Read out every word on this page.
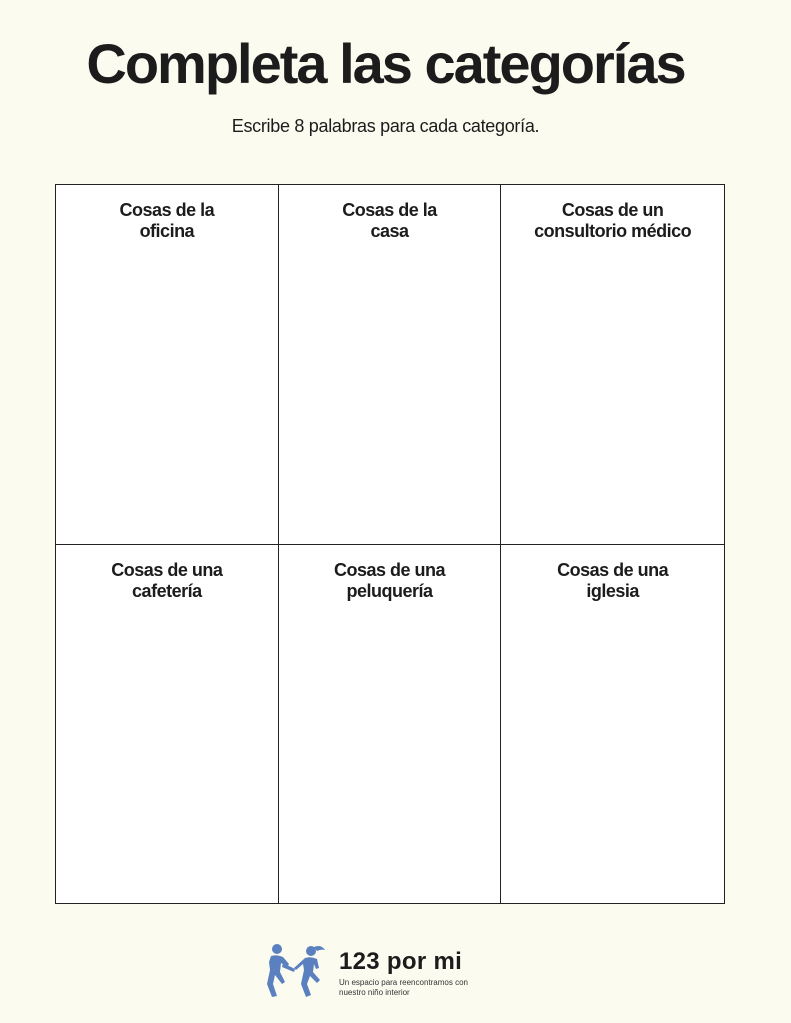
Completa las categorías

Escribe 8 palabras para cada categoría.

Cosas de la
oficina
Cosas de la
casa
Cosas de un
consultorio médico
Cosas de una
cafetería
Cosas de una
peluquería
Cosas de una
iglesia
123 por mi
Un espacio para reencontramos con
nuestro niño interior
